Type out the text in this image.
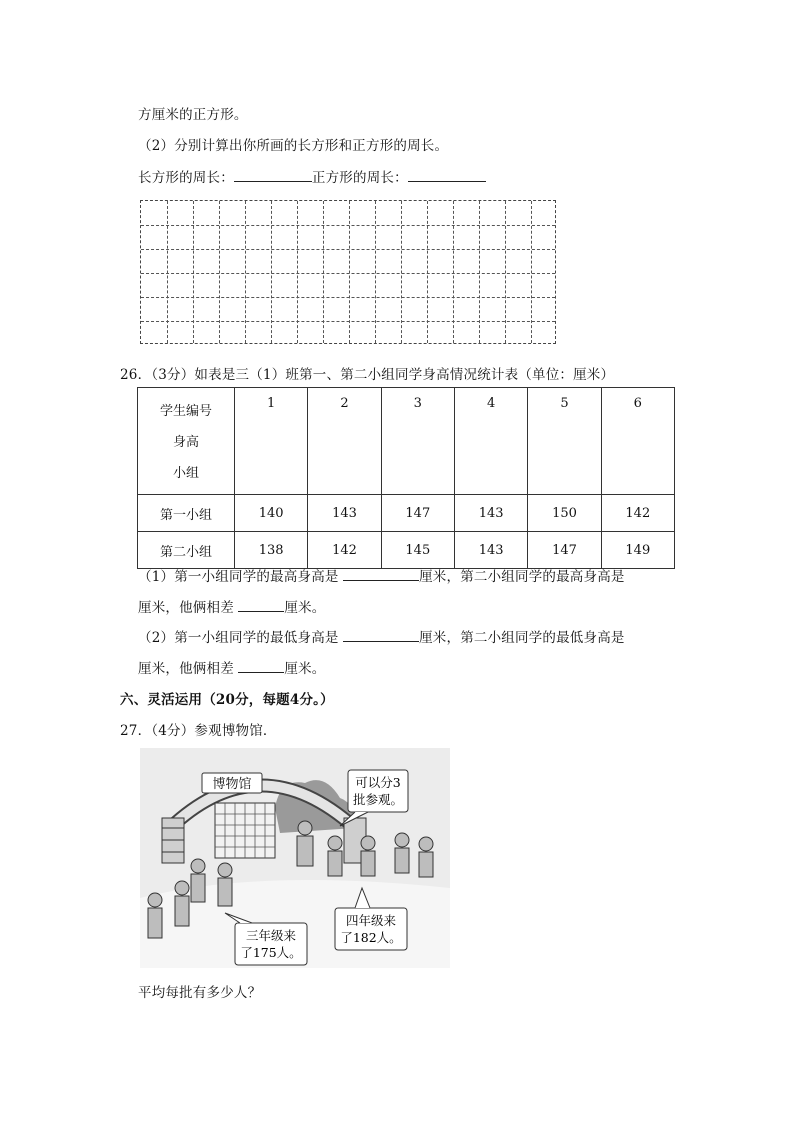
方厘米的正方形。
（2）分别计算出你所画的长方形和正方形的周长。
长方形的周长：	正方形的周长：
26．（3分）如表是三（1）班第一、第二小组同学身高情况统计表（单位：厘米）
学生编号
身高
小组	1	2	3	4	5	6
第一小组	140	143	147	143	150	142
第二小组	138	142	145	143	147	149
（1）第一小组同学的最高身高是	厘米，第二小组同学的最高身高是
厘米，他俩相差	厘米。
（2）第一小组同学的最低身高是	厘米，第二小组同学的最低身高是
厘米，他俩相差	厘米。
六、灵活运用（20分，每题4分。）
27．（4分）参观博物馆．
博物馆	可以分3
批参观。
三年级来
了175人。
四年级来
了182人。
平均每批有多少人？
